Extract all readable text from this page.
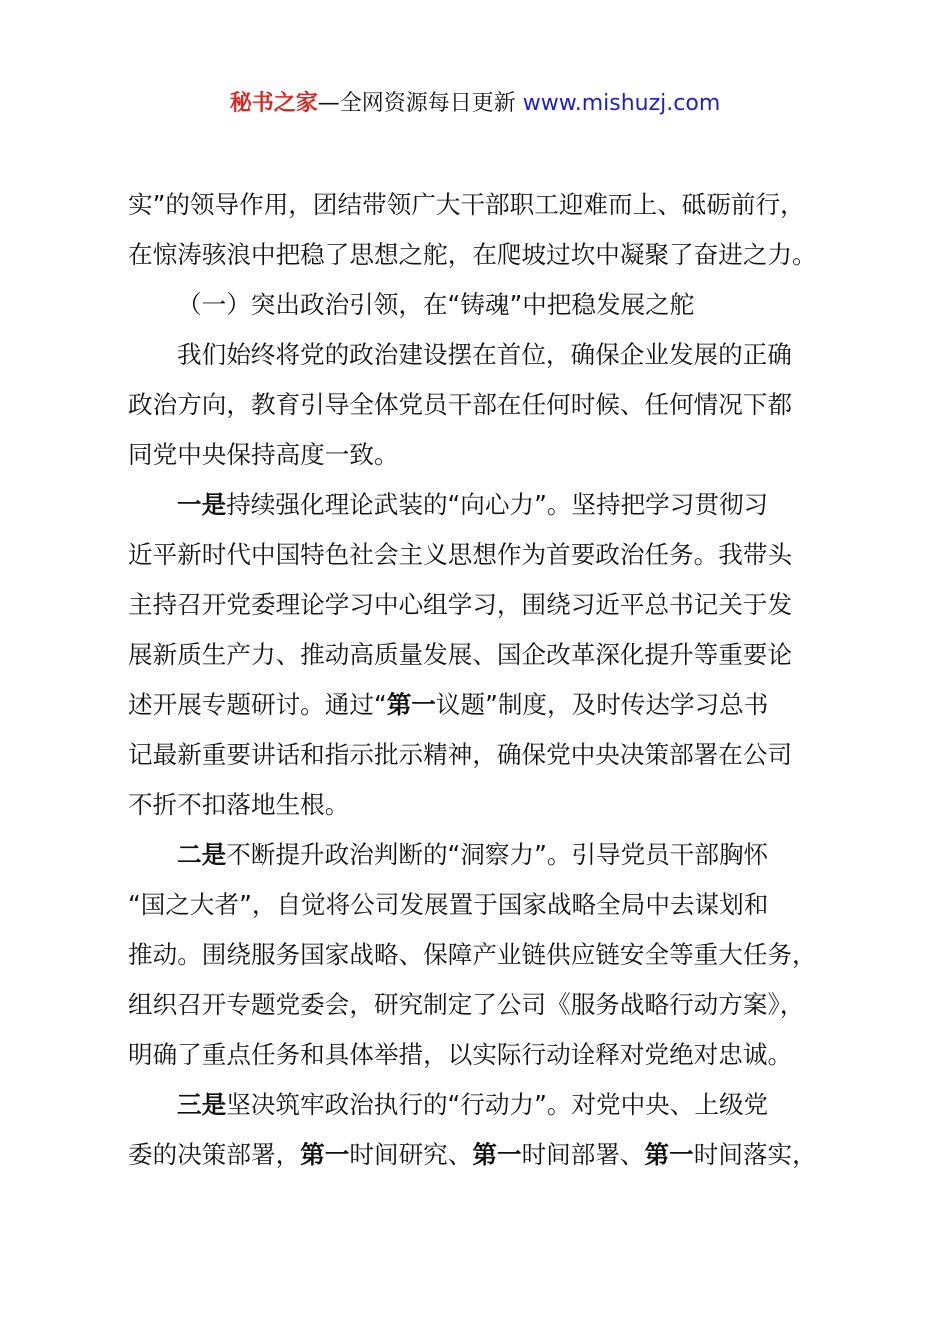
秘书之家—全网资源每日更新 www.mishuzj.com
实”的领导作用，团结带领广大干部职工迎难而上、砥砺前行，
在惊涛骇浪中把稳了思想之舵，在爬坡过坎中凝聚了奋进之力。
（一）突出政治引领，在“铸魂”中把稳发展之舵
我们始终将党的政治建设摆在首位，确保企业发展的正确
政治方向，教育引导全体党员干部在任何时候、任何情况下都
同党中央保持高度一致。
一是持续强化理论武装的“向心力”。坚持把学习贯彻习
近平新时代中国特色社会主义思想作为首要政治任务。我带头
主持召开党委理论学习中心组学习，围绕习近平总书记关于发
展新质生产力、推动高质量发展、国企改革深化提升等重要论
述开展专题研讨。通过“第一议题”制度，及时传达学习总书
记最新重要讲话和指示批示精神，确保党中央决策部署在公司
不折不扣落地生根。
二是不断提升政治判断的“洞察力”。引导党员干部胸怀
“国之大者”，自觉将公司发展置于国家战略全局中去谋划和
推动。围绕服务国家战略、保障产业链供应链安全等重大任务，
组织召开专题党委会，研究制定了公司《服务战略行动方案》，
明确了重点任务和具体举措，以实际行动诠释对党绝对忠诚。
三是坚决筑牢政治执行的“行动力”。对党中央、上级党
委的决策部署，第一时间研究、第一时间部署、第一时间落实，
